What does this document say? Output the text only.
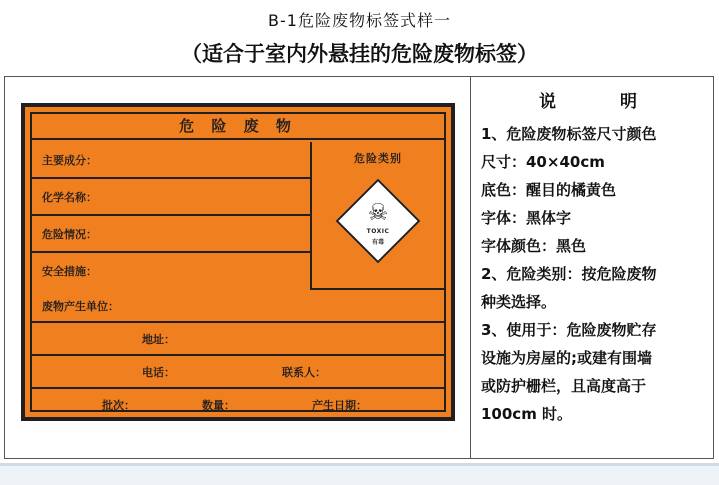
B-1危险废物标签式样一
（适合于室内外悬挂的危险废物标签）
危 险 废 物
主要成分：
化学名称：
危险情况：
安全措施：
危险类别
☠
TOXIC
有毒
废物产生单位：
地址：
电话：	联系人：
批次：	数量：	产生日期：
说　　明
1、危险废物标签尺寸颜色
尺寸：40×40cm
底色：醒目的橘黄色
字体：黑体字
字体颜色：黑色
2、危险类别：按危险废物
种类选择。
3、使用于：危险废物贮存
设施为房屋的;或建有围墙
或防护栅栏，且高度高于
100cm 时。
